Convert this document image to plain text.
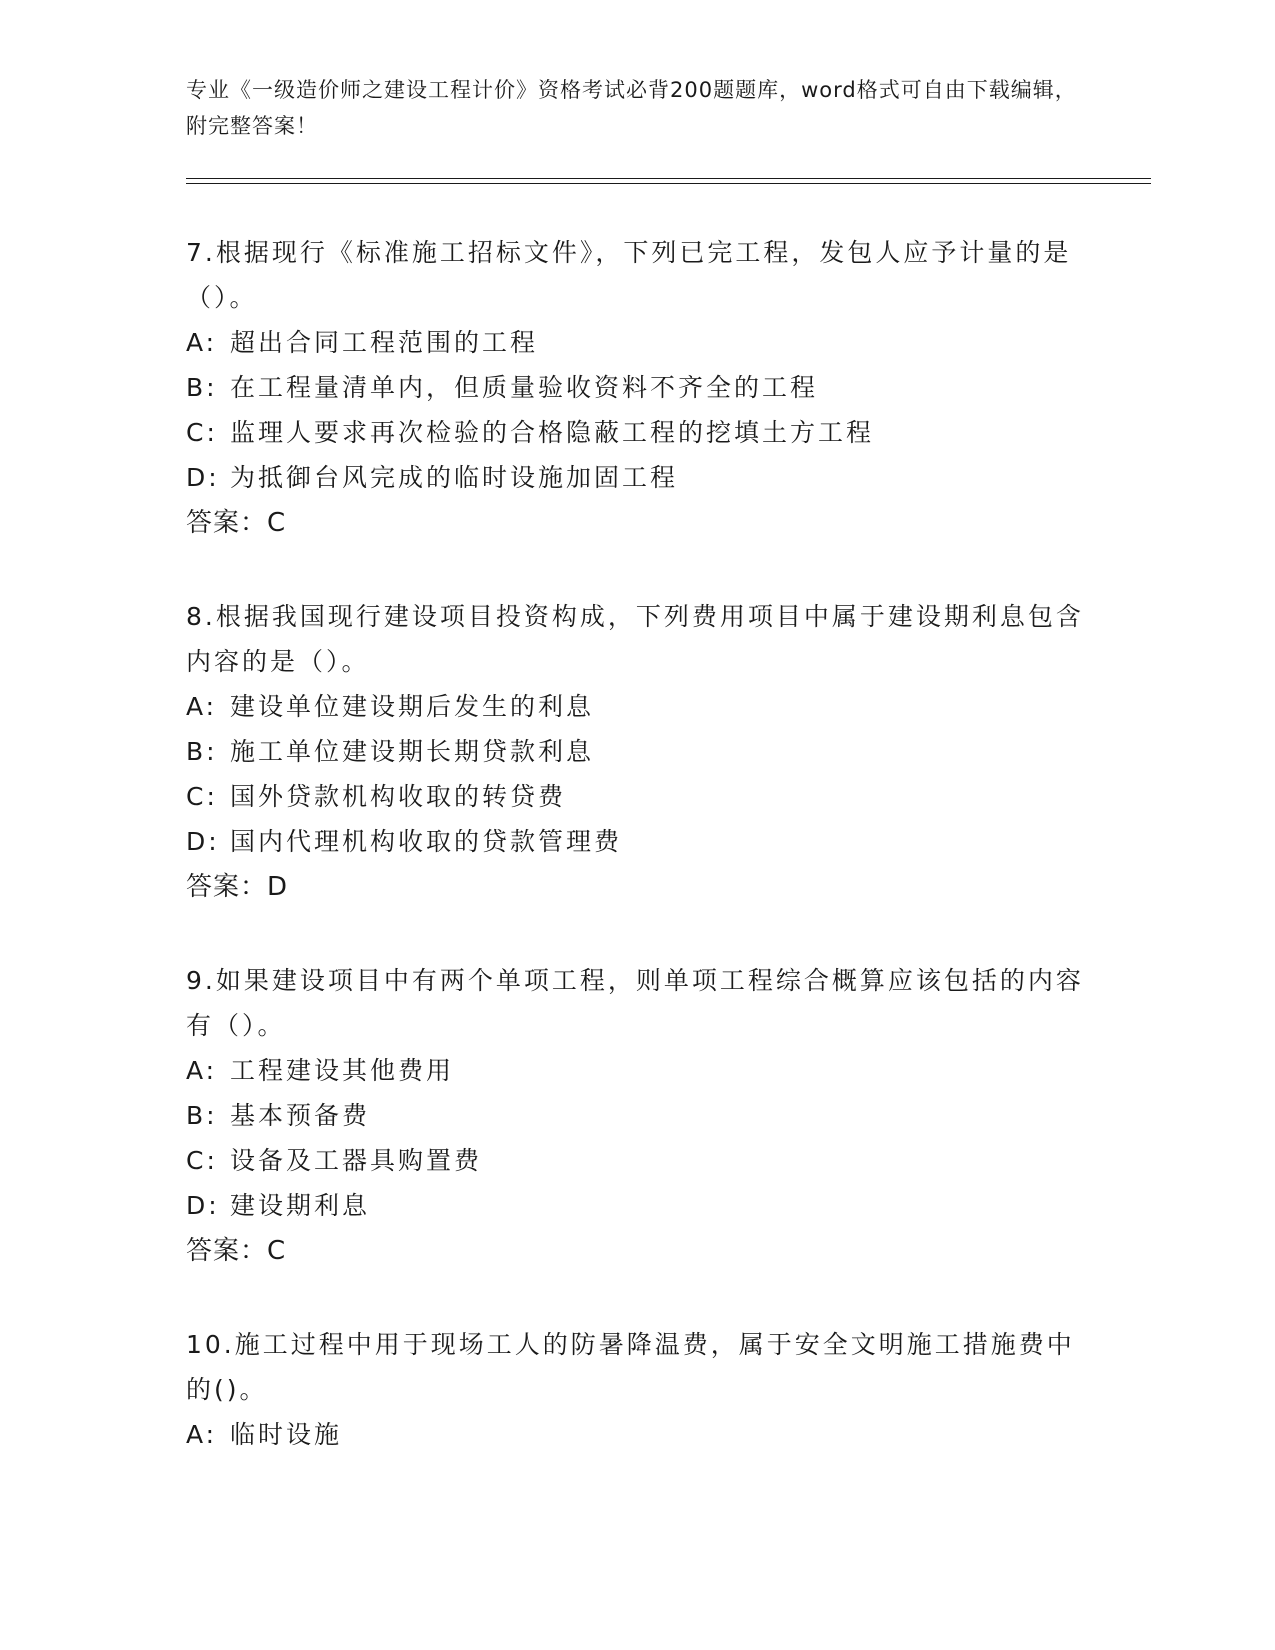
专业《一级造价师之建设工程计价》资格考试必背200题题库，word格式可自由下载编辑，附完整答案！

7.根据现行《标准施工招标文件》，下列已完工程，发包人应予计量的是（）。

A: 超出合同工程范围的工程
B: 在工程量清单内，但质量验收资料不齐全的工程
C: 监理人要求再次检验的合格隐蔽工程的挖填土方工程
D: 为抵御台风完成的临时设施加固工程
答案：C

8.根据我国现行建设项目投资构成，下列费用项目中属于建设期利息包含内容的是（）。

A: 建设单位建设期后发生的利息
B: 施工单位建设期长期贷款利息
C: 国外贷款机构收取的转贷费
D: 国内代理机构收取的贷款管理费
答案：D

9.如果建设项目中有两个单项工程，则单项工程综合概算应该包括的内容有（）。

A: 工程建设其他费用
B: 基本预备费
C: 设备及工器具购置费
D: 建设期利息
答案：C

10.施工过程中用于现场工人的防暑降温费，属于安全文明施工措施费中的()。

A: 临时设施
